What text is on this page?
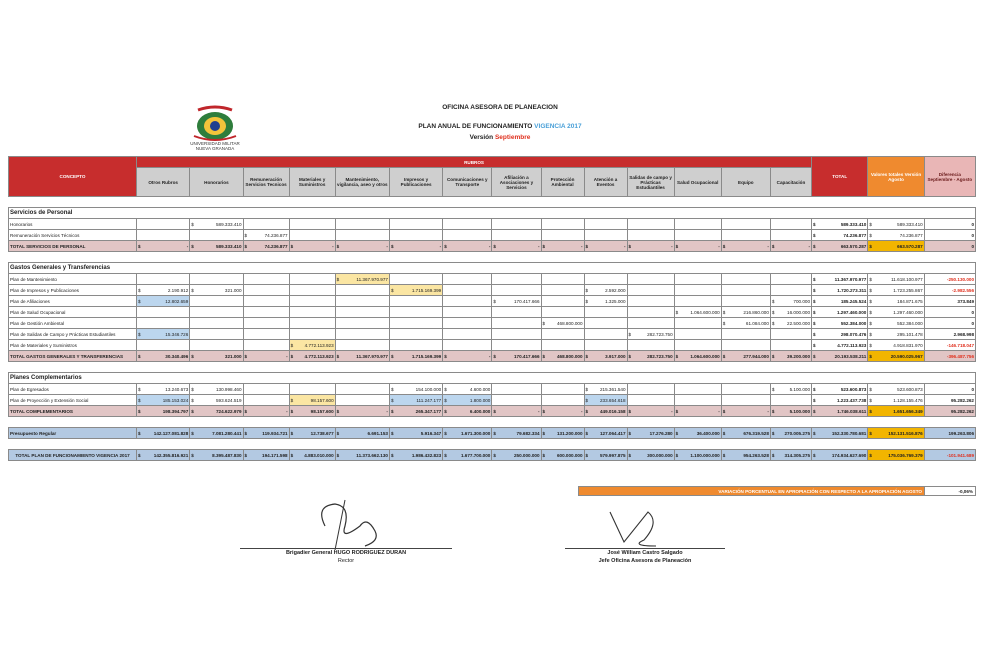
UNIVERSIDAD MILITAR
NUEVA GRANADA
OFICINA ASESORA DE PLANEACION
PLAN ANUAL DE FUNCIONAMIENTO VIGENCIA 2017
Versión Septiembre
CONCEPTO	RUBROS														TOTAL	Valores totales Versión Agosto	Diferencia Septiembre - Agosto
	Otros Rubros	Honorarios	Remuneración Servicios Tecnicos	Materiales y Suministros	Mantenimiento, vigilancia, aseo y otros	Impresos y Publicaciones	Comunicaciones y Transporte	Afiliación a Asociaciones y Servicios	Protección Ambiental	Atención a Eventos	Salidas de campo y Prácticas Estudiantiles	Salud Ocupacional	Equipo	Capacitación			

Servicios de Personal																	
Honorarios		$ 589.333.410													$ 589.333.410	$ 589.333.410	0
Remuneración Servicios Técnicos			$ 74.236.877												$ 74.236.877	$ 74.236.877	0
TOTAL SERVICIOS DE PERSONAL	$ -	$ 589.333.410	$ 74.236.877	$ -	$ -	$ -	$ -	$ -	$ -	$ -	$ -	$ -	$ -	$ -	$ 663.570.287	$ 663.570.287	0

Gastos Generales y Transferencias																	
Plan de Mantenimiento					$ 11.367.970.977										$ 11.367.970.977	$ 11.618.100.977	-250.130.000
Plan de Impresos y Publicaciones	$ 2.190.912	$ 321.000				$ 1.715.169.399				$ 2.592.000					$ 1.720.273.311	$ 1.723.255.867	-2.982.556
Plan de Afiliaciones	$ 12.802.659							$ 170.417.666		$ 1.325.000				$ 700.000	$ 185.245.524	$ 184.871.675	373.849
Plan de Salud Ocupacional												$ 1.064.600.000	$ 216.860.000	$ 16.000.000	$ 1.297.460.000	$ 1.297.460.000	0
Plan de Gestión Ambiental									$ 468.800.000				$ 61.084.000	$ 22.500.000	$ 552.384.000	$ 552.384.000	0
Plan de Salidas de Campo y Prácticas Estudiantiles	$ 15.346.726										$ 282.723.750				$ 298.070.476	$ 295.101.478	2.968.998
Plan de Materiales y Suministros				$ 4.772.113.923											$ 4.772.113.923	$ 4.918.831.970	-146.718.047
TOTAL GASTOS GENERALES Y TRANSFERENCIAS	$ 30.340.496	$ 321.000	$ -	$ 4.772.113.923	$ 11.367.970.977	$ 1.715.169.399	$ -	$ 170.417.666	$ 468.800.000	$ 3.917.000	$ 282.723.750	$ 1.064.600.000	$ 277.944.000	$ 39.200.000	$ 20.193.538.211	$ 20.590.025.967	-396.487.756

Planes Complementarios																	
Plan de Egresados	$ 13.240.673	$ 130.998.460				$ 154.100.000	$ 4.600.000			$ 215.361.540				$ 5.100.000	$ 523.600.873	$ 523.600.873	0
Plan de Proyección y Extensión Social	$ 185.153.024	$ 593.624.519		$ 98.157.600		$ 111.247.177	$ 1.800.000			$ 233.654.618					$ 1.223.437.738	$ 1.128.155.476	95.282.262
TOTAL COMPLEMENTARIOS	$ 198.394.797	$ 724.622.979	$ -	$ 98.157.600	$ -	$ 265.347.177	$ 6.400.000	$ -	$ -	$ 449.016.158	$ -	$ -	$ -	$ 5.100.000	$ 1.746.038.611	$ 1.651.656.349	95.282.262

Presupuesto Regular	$ 142.127.081.828	$ 7.081.280.441	$ 119.934.721	$ 12.738.677	$ 6.691.153	$ 5.916.347	$ 1.671.300.000	$ 79.682.334	$ 131.200.000	$ 127.064.417	$ 17.276.280	$ 36.400.000	$ 676.319.528	$ 270.005.275	$ 152.330.780.681	$ 152.131.516.876	199.263.806

TOTAL PLAN DE FUNCIONAMIENTO VIGENCIA 2017	$ 142.355.816.921	$ 8.395.487.830	$ 194.171.598	$ 4.883.010.000	$ 11.373.662.130	$ 1.986.432.823	$ 1.677.700.000	$ 250.000.000	$ 600.000.000	$ 579.997.875	$ 300.000.000	$ 1.100.000.000	$ 954.263.528	$ 314.305.275	$ 174.934.627.690	$ 175.036.769.379	-101.941.689
VARIACIÓN PORCENTUAL EN APROPIACIÓN CON RESPECTO A LA APROPIACIÓN AGOSTO	-0,06%
Brigadier General HUGO RODRIGUEZ DURAN
Rector
José William Castro Salgado
Jefe Oficina Asesora de Planeación
